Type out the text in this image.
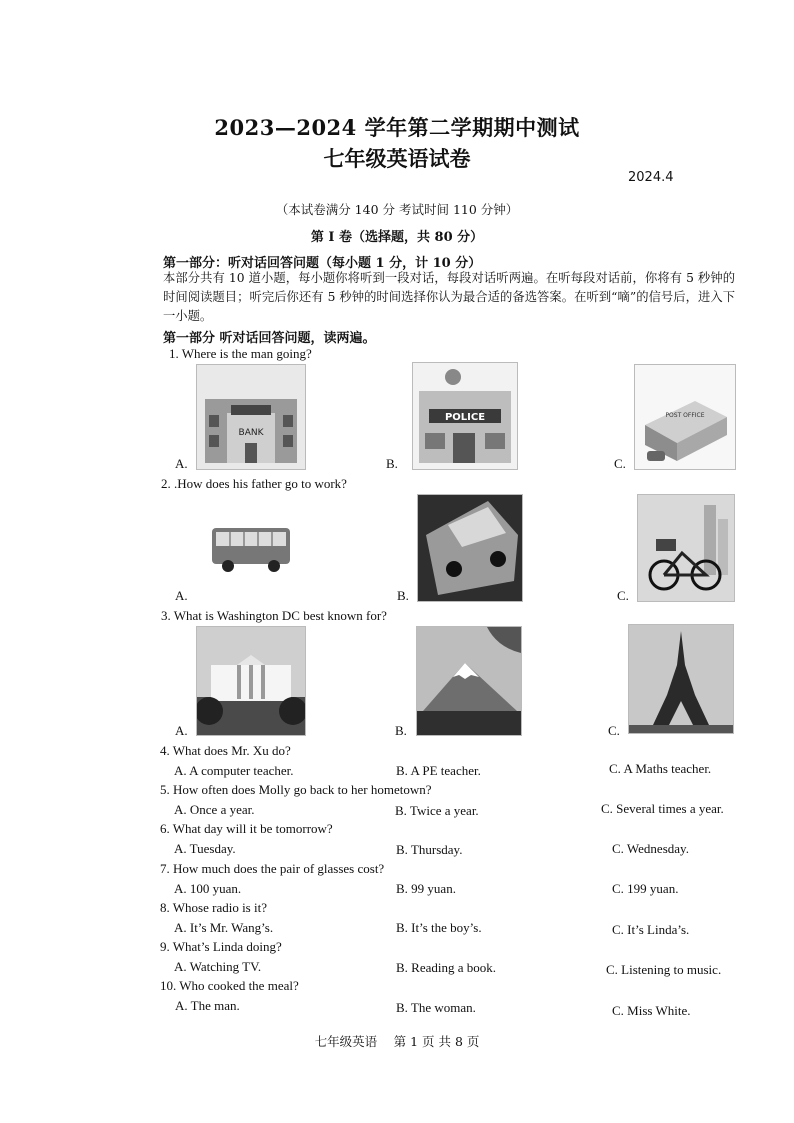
2023—2024 学年第二学期期中测试
七年级英语试卷
2024.4
（本试卷满分 140 分 考试时间 110 分钟）
第 I 卷（选择题，共 80 分）
第一部分：听对话回答问题（每小题 1 分，计 10 分）
本部分共有 10 道小题，每小题你将听到一段对话，每段对话听两遍。在听每段对话前，你将有 5 秒钟的时间阅读题目；听完后你还有 5 秒钟的时间选择你认为最合适的备选答案。在听到“嘀”的信号后，进入下一小题。
第一部分 听对话回答问题，读两遍。
1. Where is the man going?
BANK
A.
POLICE
B.
POST OFFICE
C.
2. .How does his father go to work?
A.	B.	C.
3. What is Washington DC best known for?
A.	B.	C.
4. What does Mr. Xu do?
A. A computer teacher.	B. A PE teacher.	C. A Maths teacher.
5. How often does Molly go back to her hometown?
A. Once a year.	B. Twice a year.	C. Several times a year.
6. What day will it be tomorrow?
A. Tuesday.	B. Thursday.	C. Wednesday.
7. How much does the pair of glasses cost?
A. 100 yuan.	B. 99 yuan.	C. 199 yuan.
8. Whose radio is it?
A. It’s Mr. Wang’s.	B. It’s the boy’s.	C. It’s Linda’s.
9. What’s Linda doing?
A. Watching TV.	B. Reading a book.	C. Listening to music.
10. Who cooked the meal?
A. The man.	B. The woman.	C. Miss White.
七年级英语　 第 1 页 共 8 页
